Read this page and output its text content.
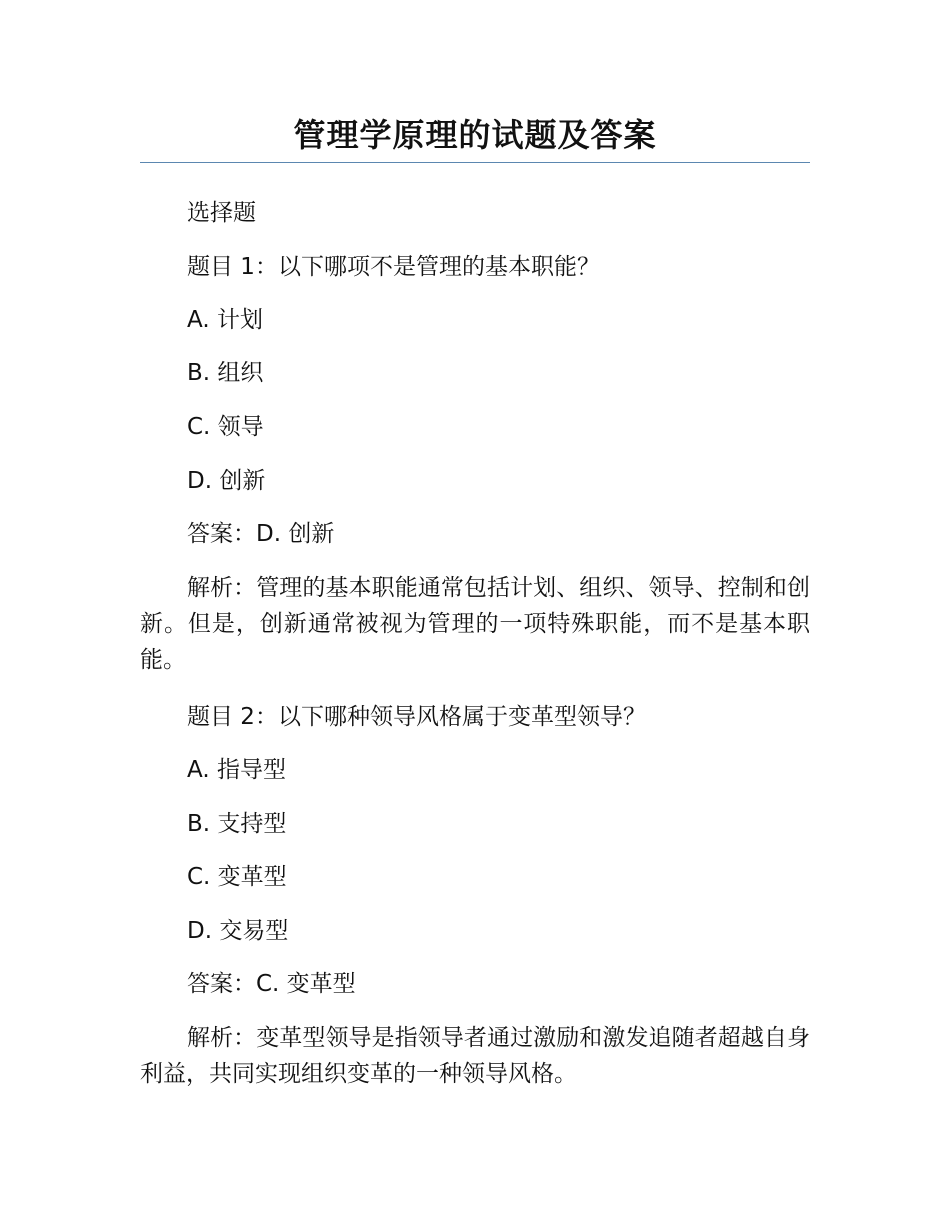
管理学原理的试题及答案
选择题
题目 1：以下哪项不是管理的基本职能？
A. 计划
B. 组织
C. 领导
D. 创新
答案：D. 创新
解析：管理的基本职能通常包括计划、组织、领导、控制和创新。但是，创新通常被视为管理的一项特殊职能，而不是基本职能。
题目 2：以下哪种领导风格属于变革型领导？
A. 指导型
B. 支持型
C. 变革型
D. 交易型
答案：C. 变革型
解析：变革型领导是指领导者通过激励和激发追随者超越自身利益，共同实现组织变革的一种领导风格。
